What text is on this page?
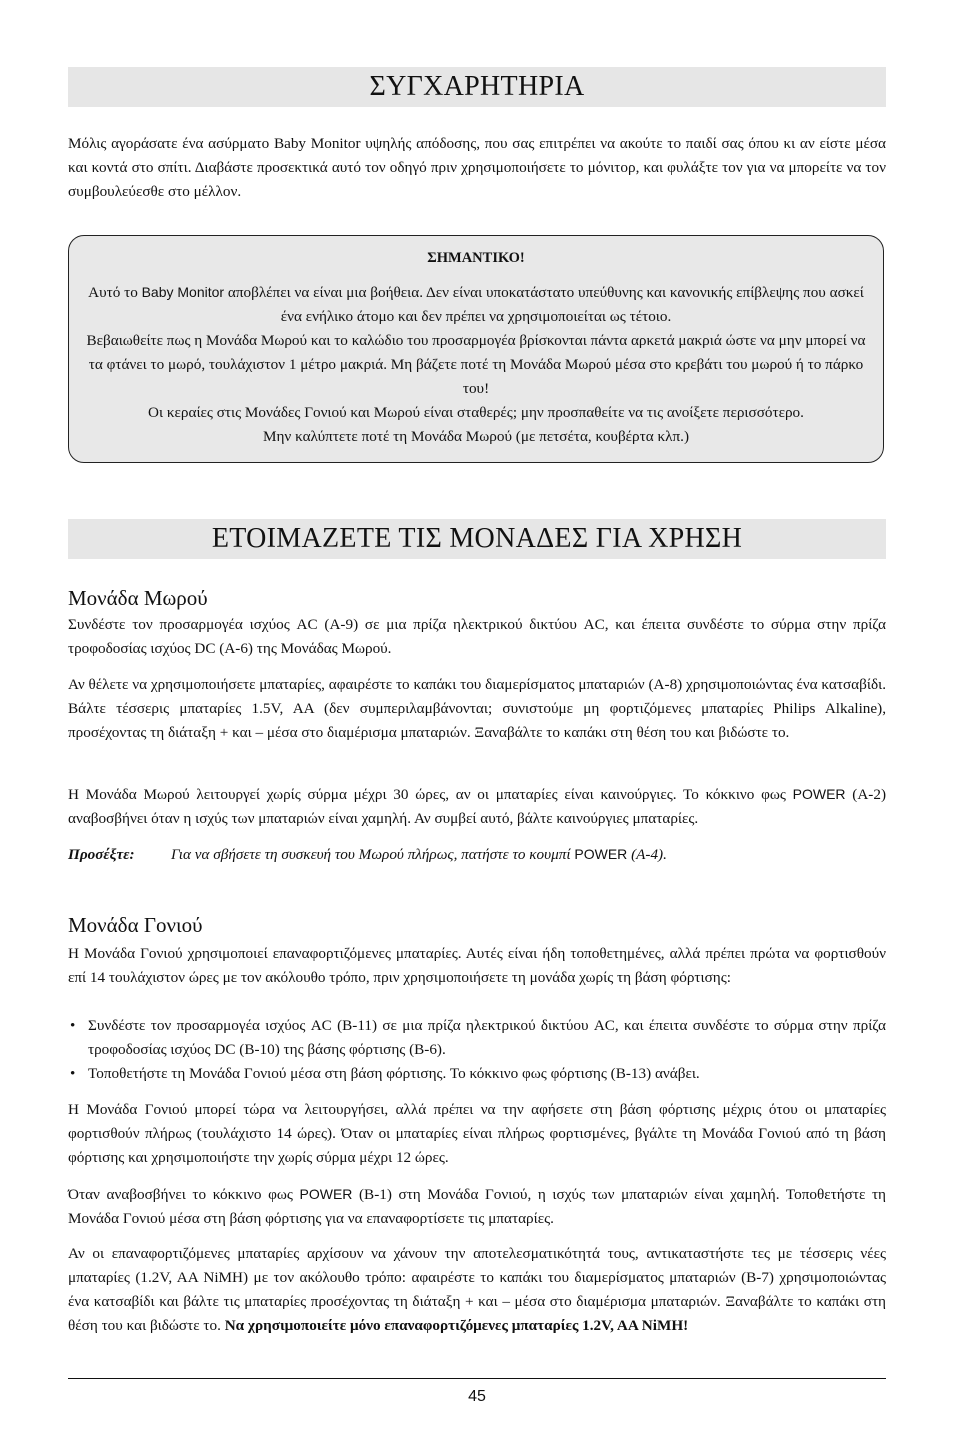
ΣΥΓΧΑΡΗΤΗΡΙΑ

Μόλις αγοράσατε ένα ασύρματο Baby Monitor υψηλής απόδοσης, που σας επιτρέπει να ακούτε το παιδί σας όπου κι αν είστε μέσα και κοντά στο σπίτι. Διαβάστε προσεκτικά αυτό τον οδηγό πριν χρησιμοποιήσετε το μόνιτορ, και φυλάξτε τον για να μπορείτε να τον συμβουλεύεσθε στο μέλλον.

ΣΗΜΑΝΤΙΚΟ!
Αυτό το Baby Monitor αποβλέπει να είναι μια βοήθεια. Δεν είναι υποκατάστατο υπεύθυνης και κανονικής επίβλεψης που ασκεί ένα ενήλικο άτομο και δεν πρέπει να χρησιμοποιείται ως τέτοιο.
Βεβαιωθείτε πως η Μονάδα Μωρού και το καλώδιο του προσαρμογέα βρίσκονται πάντα αρκετά μακριά ώστε να μην μπορεί να τα φτάνει το μωρό, τουλάχιστον 1 μέτρο μακριά. Μη βάζετε ποτέ τη Μονάδα Μωρού μέσα στο κρεβάτι του μωρού ή το πάρκο του!
Οι κεραίες στις Μονάδες Γονιού και Μωρού είναι σταθερές; μην προσπαθείτε να τις ανοίξετε περισσότερο.
Μην καλύπτετε ποτέ τη Μονάδα Μωρού (με πετσέτα, κουβέρτα κλπ.)
ΕΤΟΙΜΑΖΕΤΕ ΤΙΣ ΜΟΝΑΔΕΣ ΓΙΑ ΧΡΗΣΗ
Μονάδα Μωρού

Συνδέστε τον προσαρμογέα ισχύος AC (A-9) σε μια πρίζα ηλεκτρικού δικτύου AC, και έπειτα συνδέστε το σύρμα στην πρίζα τροφοδοσίας ισχύος DC (A-6) της Μονάδας Μωρού.

Αν θέλετε να χρησιμοποιήσετε μπαταρίες, αφαιρέστε το καπάκι του διαμερίσματος μπαταριών (A-8) χρησιμοποιώντας ένα κατσαβίδι. Βάλτε τέσσερις μπαταρίες 1.5V, AA (δεν συμπεριλαμβάνονται; συνιστούμε μη φορτιζόμενες μπαταρίες Philips Alkaline), προσέχοντας τη διάταξη + και – μέσα στο διαμέρισμα μπαταριών. Ξαναβάλτε το καπάκι στη θέση του και βιδώστε το.

Η Μονάδα Μωρού λειτουργεί χωρίς σύρμα μέχρι 30 ώρες, αν οι μπαταρίες είναι καινούργιες. Το κόκκινο φως POWER (A-2) αναβοσβήνει όταν η ισχύς των μπαταριών είναι χαμηλή. Αν συμβεί αυτό, βάλτε καινούργιες μπαταρίες.

Προσέξτε: Για να σβήσετε τη συσκευή του Μωρού πλήρως, πατήστε το κουμπί POWER (A-4).
Μονάδα Γονιού

Η Μονάδα Γονιού χρησιμοποιεί επαναφορτιζόμενες μπαταρίες. Αυτές είναι ήδη τοποθετημένες, αλλά πρέπει πρώτα να φορτισθούν επί 14 τουλάχιστον ώρες με τον ακόλουθο τρόπο, πριν χρησιμοποιήσετε τη μονάδα χωρίς τη βάση φόρτισης:

• Συνδέστε τον προσαρμογέα ισχύος AC (B-11) σε μια πρίζα ηλεκτρικού δικτύου AC, και έπειτα συνδέστε το σύρμα στην πρίζα τροφοδοσίας ισχύος DC (B-10) της βάσης φόρτισης (B-6).
• Τοποθετήστε τη Μονάδα Γονιού μέσα στη βάση φόρτισης. Το κόκκινο φως φόρτισης (B-13) ανάβει.

Η Μονάδα Γονιού μπορεί τώρα να λειτουργήσει, αλλά πρέπει να την αφήσετε στη βάση φόρτισης μέχρις ότου οι μπαταρίες φορτισθούν πλήρως (τουλάχιστο 14 ώρες). Όταν οι μπαταρίες είναι πλήρως φορτισμένες, βγάλτε τη Μονάδα Γονιού από τη βάση φόρτισης και χρησιμοποιήστε την χωρίς σύρμα μέχρι 12 ώρες.

Όταν αναβοσβήνει το κόκκινο φως POWER (B-1) στη Μονάδα Γονιού, η ισχύς των μπαταριών είναι χαμηλή. Τοποθετήστε τη Μονάδα Γονιού μέσα στη βάση φόρτισης για να επαναφορτίσετε τις μπαταρίες.

Αν οι επαναφορτιζόμενες μπαταρίες αρχίσουν να χάνουν την αποτελεσματικότητά τους, αντικαταστήστε τες με τέσσερις νέες μπαταρίες (1.2V, AA NiMH) με τον ακόλουθο τρόπο: αφαιρέστε το καπάκι του διαμερίσματος μπαταριών (B-7) χρησιμοποιώντας ένα κατσαβίδι και βάλτε τις μπαταρίες προσέχοντας τη διάταξη + και – μέσα στο διαμέρισμα μπαταριών. Ξαναβάλτε το καπάκι στη θέση του και βιδώστε το. Να χρησιμοποιείτε μόνο επαναφορτιζόμενες μπαταρίες 1.2V, AA NiMH!

45
